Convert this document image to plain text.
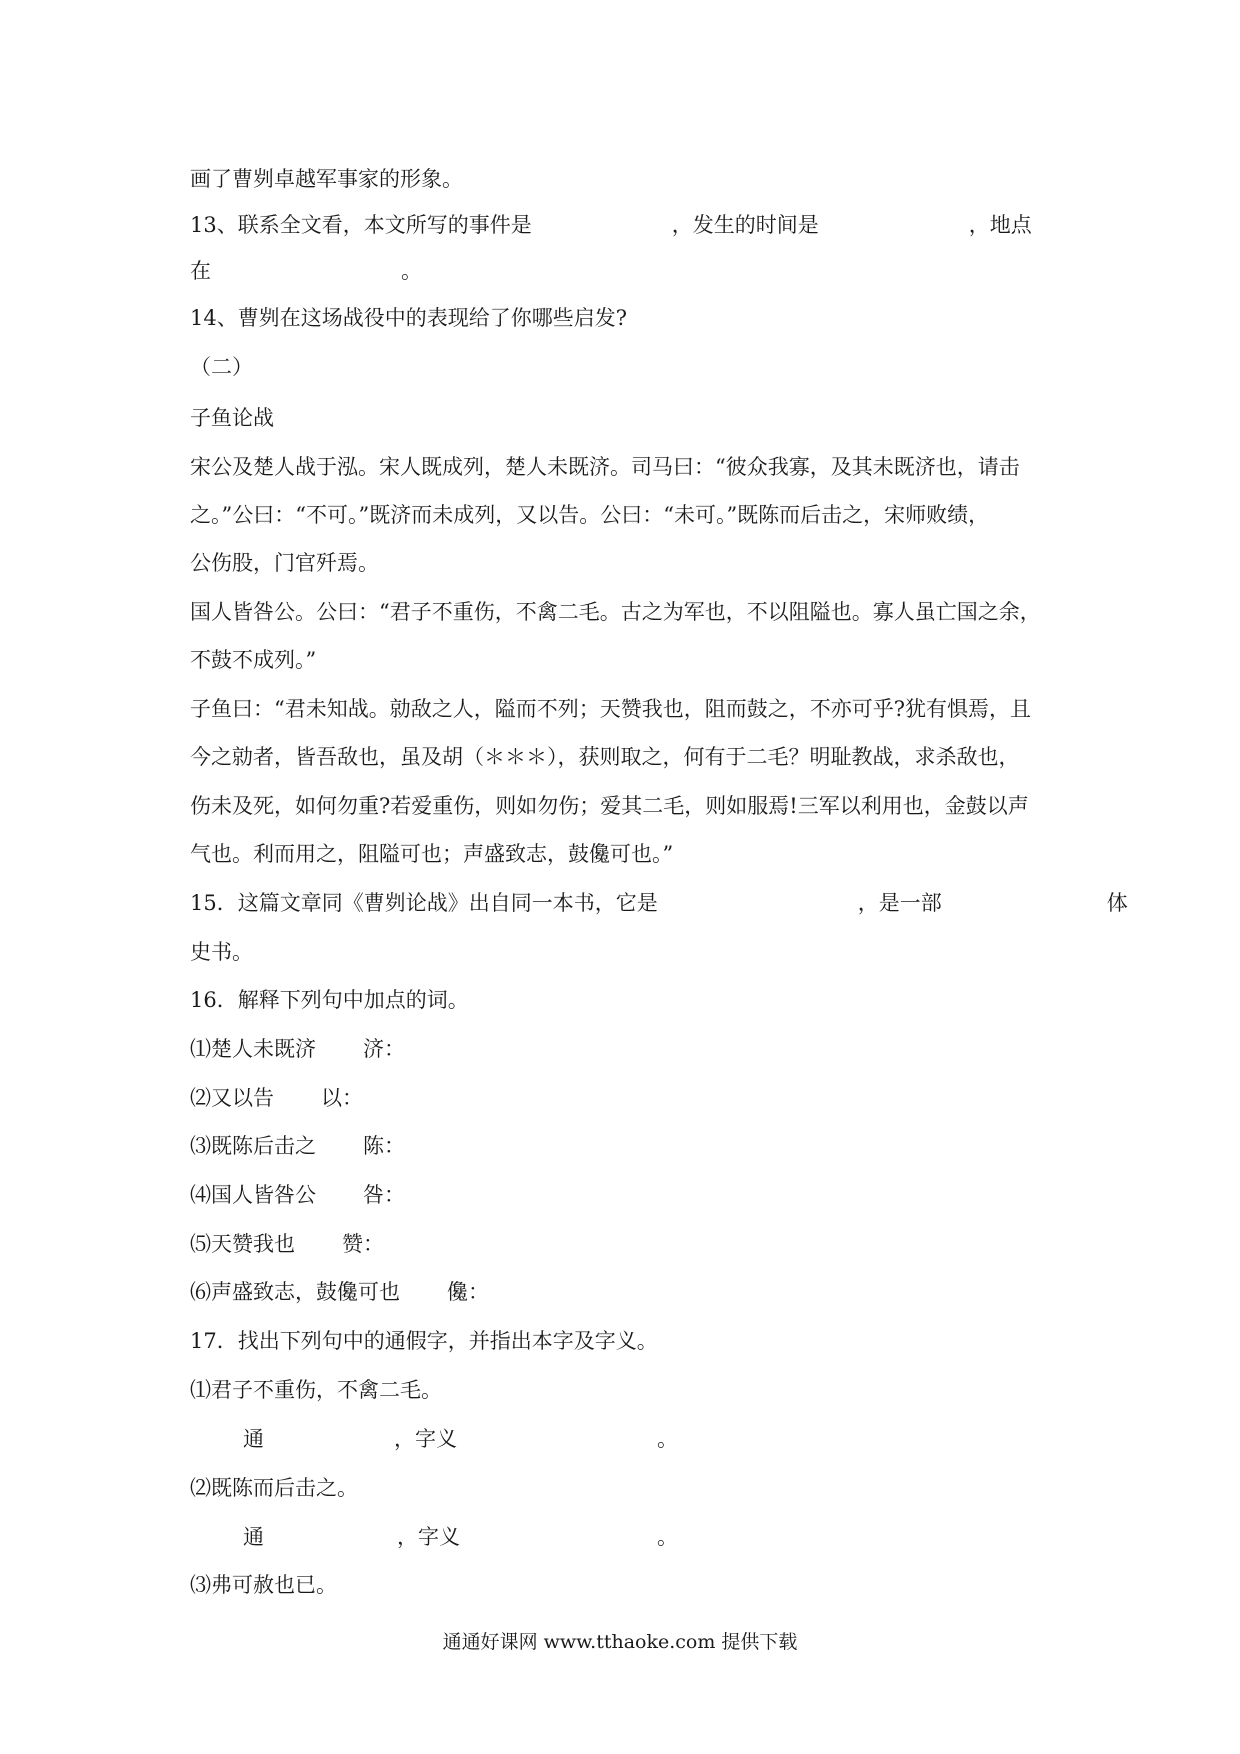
画了曹刿卓越军事家的形象。
13、联系全文看，本文所写的事件是	，发生的时间是	，地点
在	。
14、曹刿在这场战役中的表现给了你哪些启发?
（二）
子鱼论战
宋公及楚人战于泓。宋人既成列，楚人未既济。司马曰：“彼众我寡，及其未既济也，请击
之。”公曰：“不可。”既济而未成列，又以告。公曰：“未可。”既陈而后击之，宋师败绩，
公伤股，门官歼焉。
国人皆咎公。公曰：“君子不重伤，不禽二毛。古之为军也，不以阻隘也。寡人虽亡国之余，
不鼓不成列。”
子鱼曰：“君未知战。勍敌之人，隘而不列；天赞我也，阻而鼓之，不亦可乎?犹有惧焉，且
今之勍者，皆吾敌也，虽及胡（＊＊＊），获则取之，何有于二毛？明耻教战，求杀敌也，
伤未及死，如何勿重?若爱重伤，则如勿伤；爱其二毛，则如服焉!三军以利用也，金鼓以声
气也。利而用之，阻隘可也；声盛致志，鼓儳可也。”
15．这篇文章同《曹刿论战》出自同一本书，它是	，是一部	体
史书。
16．解释下列句中加点的词。
⑴楚人未既济 济：
⑵又以告 以：
⑶既陈后击之 陈：
⑷国人皆咎公 咎：
⑸天赞我也 赞：
⑹声盛致志，鼓儳可也 儳：
17．找出下列句中的通假字，并指出本字及字义。
⑴君子不重伤，不禽二毛。
通	，字义	。
⑵既陈而后击之。
通	，字义	。
⑶弗可赦也已。
通通好课网 www.tthaoke.com 提供下载
